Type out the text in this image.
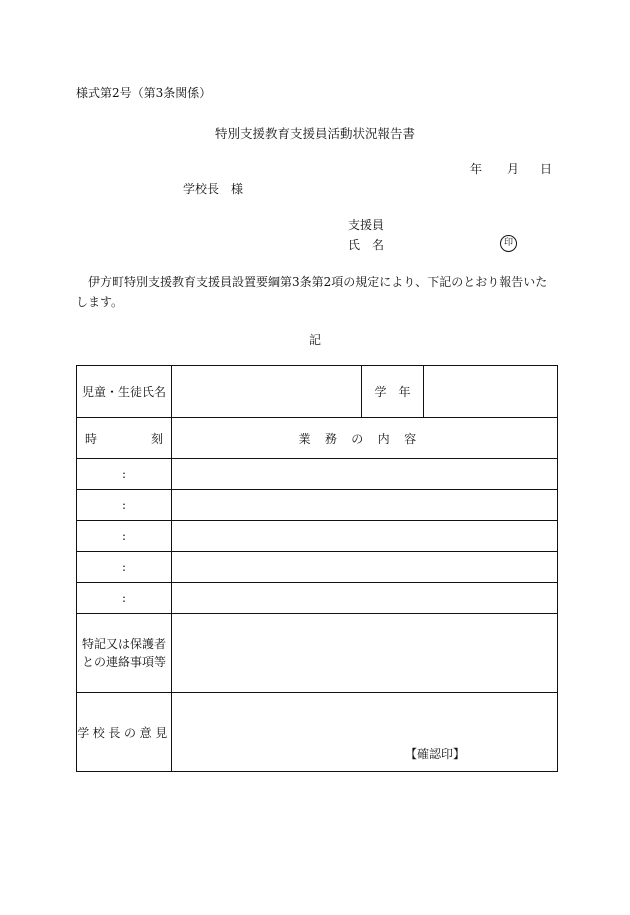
様式第2号（第3条関係）
特別支援教育支援員活動状況報告書
年 月 日
学校長　様
支援員
氏　名	印
伊方町特別支援教育支援員設置要綱第3条第2項の規定により、下記のとおり報告いたします。
記
児童・生徒氏名		学　年	

時 刻	業務の内容		
:			
:			
:			
:			
:			

特記又は保護者
との連絡事項等			

学校長の意見	【確認印】		
